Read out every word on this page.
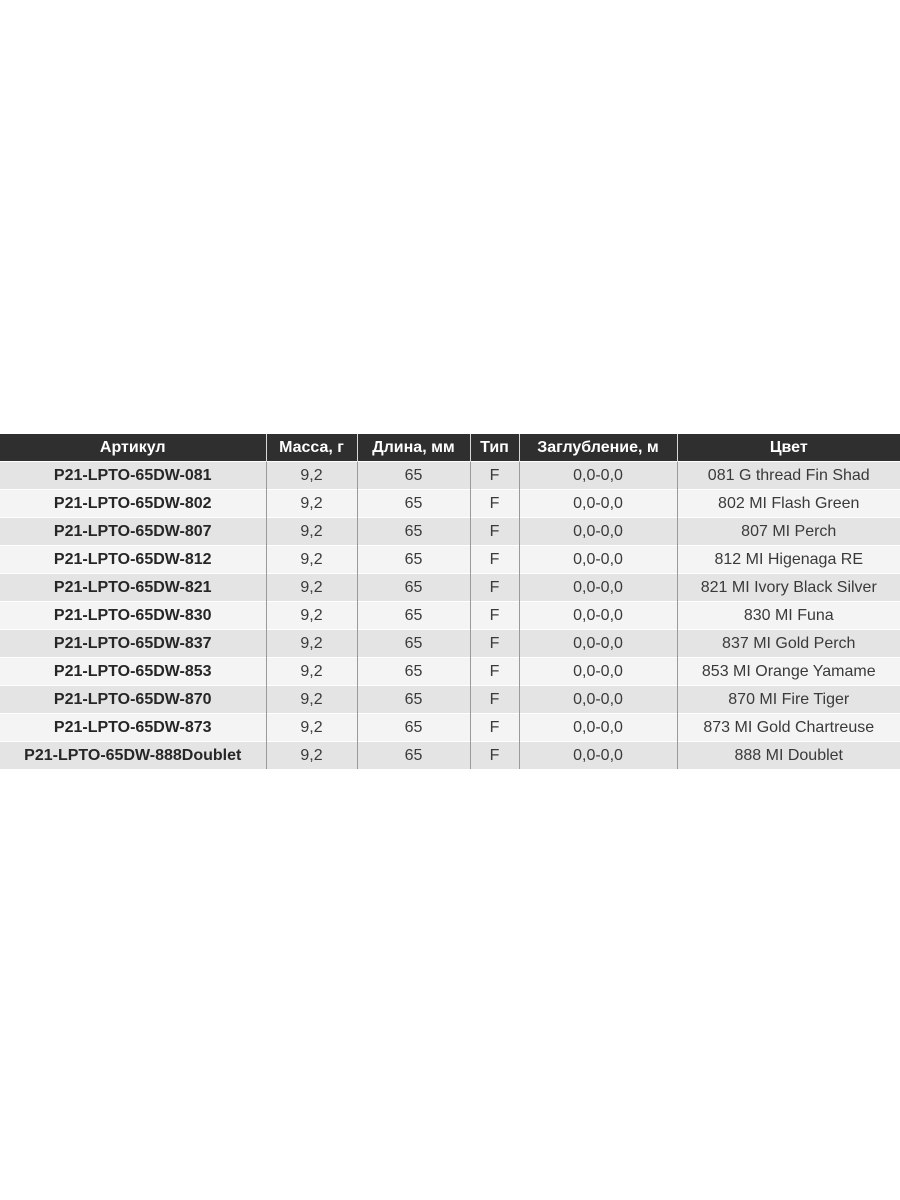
Артикул	Масса, г	Длина, мм	Тип	Заглубление, м	Цвет
P21-LPTO-65DW-081	9,2	65	F	0,0-0,0	081 G thread Fin Shad
P21-LPTO-65DW-802	9,2	65	F	0,0-0,0	802 MI Flash Green
P21-LPTO-65DW-807	9,2	65	F	0,0-0,0	807 MI Perch
P21-LPTO-65DW-812	9,2	65	F	0,0-0,0	812 MI Higenaga RE
P21-LPTO-65DW-821	9,2	65	F	0,0-0,0	821 MI Ivory Black Silver
P21-LPTO-65DW-830	9,2	65	F	0,0-0,0	830 MI Funa
P21-LPTO-65DW-837	9,2	65	F	0,0-0,0	837 MI Gold Perch
P21-LPTO-65DW-853	9,2	65	F	0,0-0,0	853 MI Orange Yamame
P21-LPTO-65DW-870	9,2	65	F	0,0-0,0	870 MI Fire Tiger
P21-LPTO-65DW-873	9,2	65	F	0,0-0,0	873 MI Gold Chartreuse
P21-LPTO-65DW-888Doublet	9,2	65	F	0,0-0,0	888 MI Doublet
